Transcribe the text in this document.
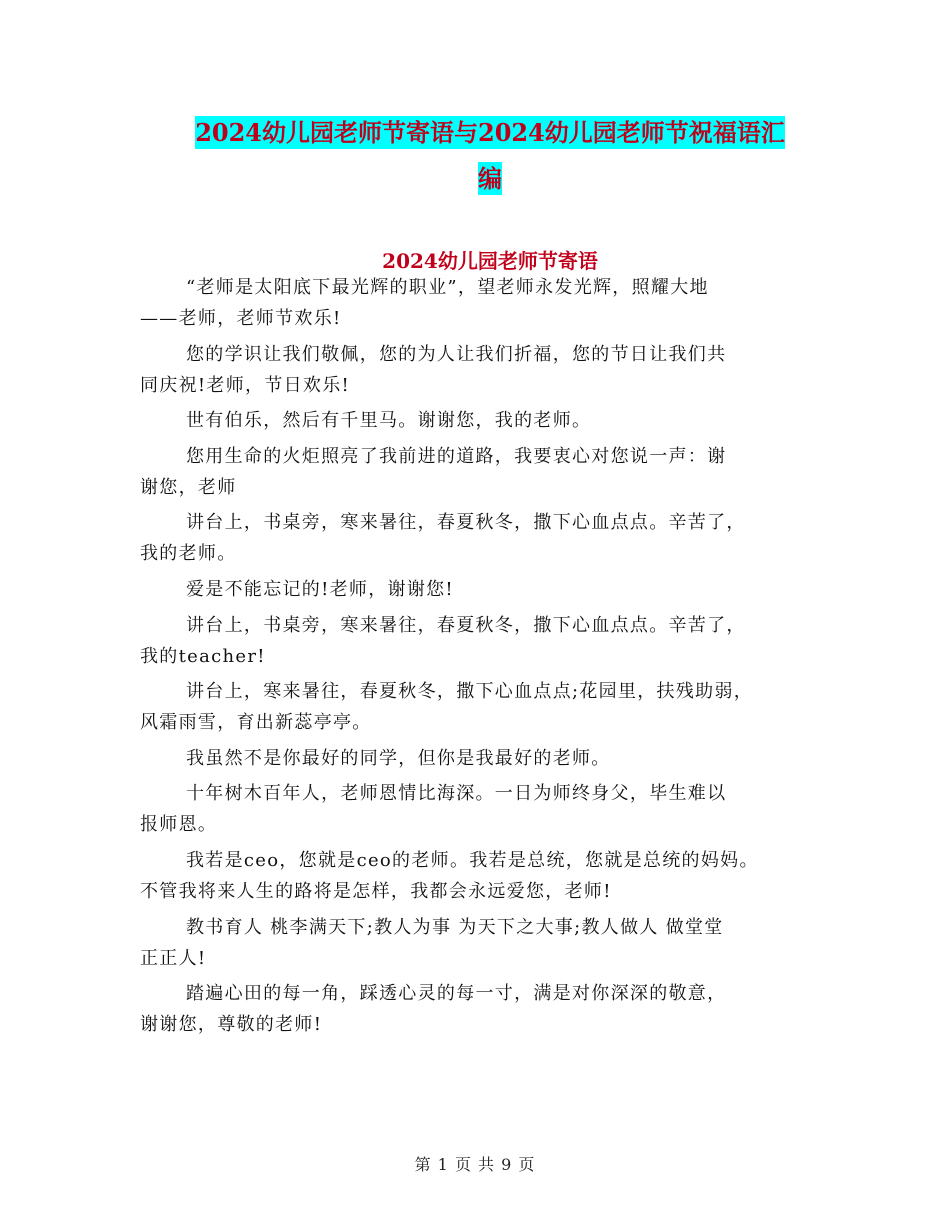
2024幼儿园老师节寄语与2024幼儿园老师节祝福语汇
编
2024幼儿园老师节寄语

“老师是太阳底下最光辉的职业”，望老师永发光辉，照耀大地
——老师，老师节欢乐!

您的学识让我们敬佩，您的为人让我们折福，您的节日让我们共
同庆祝!老师，节日欢乐!

世有伯乐，然后有千里马。谢谢您，我的老师。

您用生命的火炬照亮了我前进的道路，我要衷心对您说一声：谢
谢您，老师

讲台上，书桌旁，寒来暑往，春夏秋冬，撒下心血点点。辛苦了，
我的老师。

爱是不能忘记的!老师，谢谢您!

讲台上，书桌旁，寒来暑往，春夏秋冬，撒下心血点点。辛苦了，
我的teacher!

讲台上，寒来暑往，春夏秋冬，撒下心血点点;花园里，扶残助弱，
风霜雨雪，育出新蕊亭亭。

我虽然不是你最好的同学，但你是我最好的老师。

十年树木百年人，老师恩情比海深。一日为师终身父，毕生难以
报师恩。

我若是ceo，您就是ceo的老师。我若是总统，您就是总统的妈妈。
不管我将来人生的路将是怎样，我都会永远爱您，老师!

教书育人 桃李满天下;教人为事 为天下之大事;教人做人 做堂堂
正正人!

踏遍心田的每一角，踩透心灵的每一寸，满是对你深深的敬意，
谢谢您，尊敬的老师!

第 1 页 共 9 页
